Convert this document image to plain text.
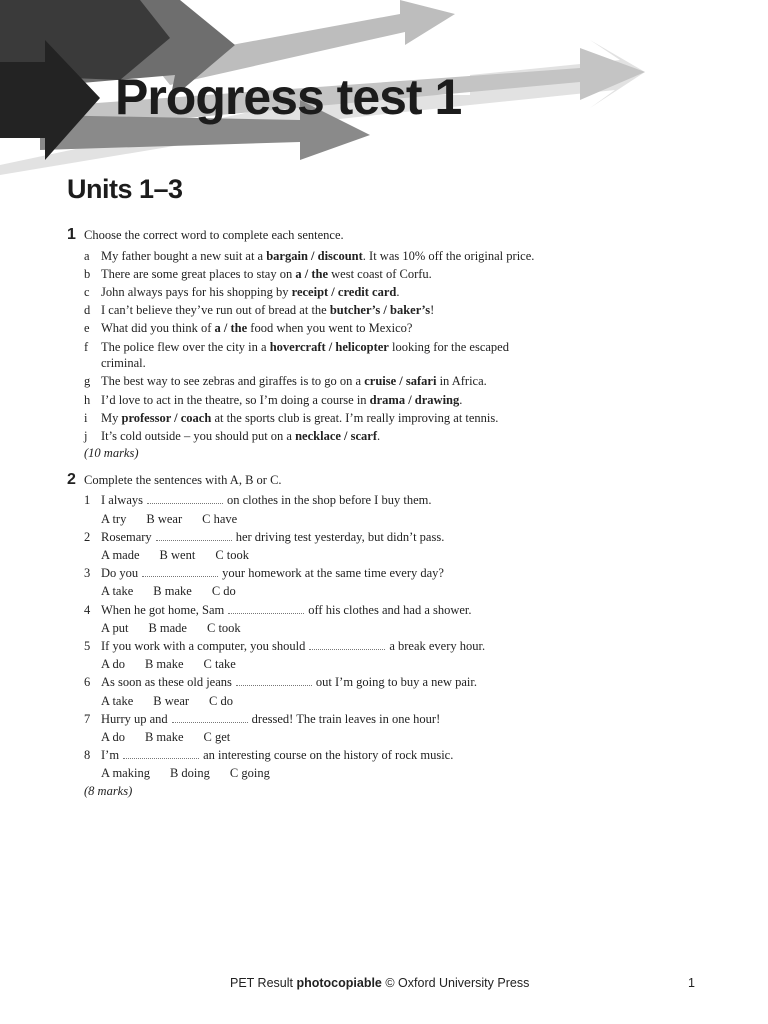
Progress test 1
Units 1–3
1 Choose the correct word to complete each sentence.
a My father bought a new suit at a bargain / discount. It was 10% off the original price.
b There are some great places to stay on a / the west coast of Corfu.
c John always pays for his shopping by receipt / credit card.
d I can’t believe they’ve run out of bread at the butcher’s / baker’s!
e What did you think of a / the food when you went to Mexico?
f The police flew over the city in a hovercraft / helicopter looking for the escaped
criminal.
g The best way to see zebras and giraffes is to go on a cruise / safari in Africa.
h I’d love to act in the theatre, so I’m doing a course in drama / drawing.
i My professor / coach at the sports club is great. I’m really improving at tennis.
j It’s cold outside – you should put on a necklace / scarf.
(10 marks)
2 Complete the sentences with A, B or C.
1 I always	on clothes in the shop before I buy them.
A try B wear C have
2 Rosemary	her driving test yesterday, but didn’t pass.
A made B went C took
3 Do you	your homework at the same time every day?
A take B make C do
4 When he got home, Sam	off his clothes and had a shower.
A put B made C took
5 If you work with a computer, you should	a break every hour.
A do B make C take
6 As soon as these old jeans	out I’m going to buy a new pair.
A take B wear C do
7 Hurry up and	dressed! The train leaves in one hour!
A do B make C get
8 I’m	an interesting course on the history of rock music.
A making B doing C going
(8 marks)
PET Result photocopiable © Oxford University Press	1
